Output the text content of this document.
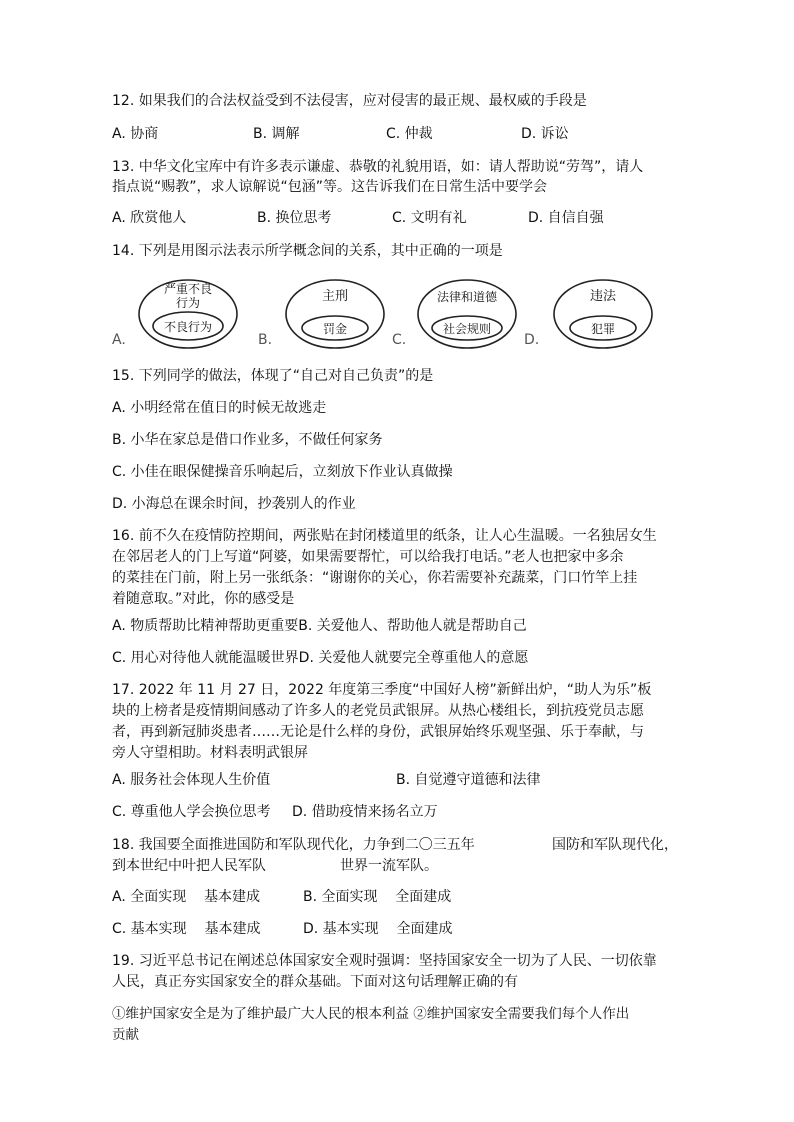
12. 如果我们的合法权益受到不法侵害，应对侵害的最正规、最权威的手段是
A. 协商	B. 调解	C. 仲裁	D. 诉讼
13. 中华文化宝库中有许多表示谦虚、恭敬的礼貌用语，如：请人帮助说“劳驾”，请人
指点说“赐教”，求人谅解说“包涵”等。这告诉我们在日常生活中要学会
A. 欣赏他人	B. 换位思考	C. 文明有礼	D. 自信自强
14. 下列是用图示法表示所学概念间的关系，其中正确的一项是
A.
严重不良
行为
不良行为
B.
主刑
罚金
C.
法律和道德
社会规则
D.
违法
犯罪
15. 下列同学的做法，体现了“自己对自己负责”的是
A. 小明经常在值日的时候无故逃走
B. 小华在家总是借口作业多，不做任何家务
C. 小佳在眼保健操音乐响起后，立刻放下作业认真做操
D. 小海总在课余时间，抄袭别人的作业
16. 前不久在疫情防控期间，两张贴在封闭楼道里的纸条，让人心生温暖。一名独居女生
在邻居老人的门上写道“阿婆，如果需要帮忙，可以给我打电话。”老人也把家中多余
的菜挂在门前，附上另一张纸条：“谢谢你的关心，你若需要补充蔬菜，门口竹竿上挂
着随意取。”对此，你的感受是
A. 物质帮助比精神帮助更重要B. 关爱他人、帮助他人就是帮助自己
C. 用心对待他人就能温暖世界D. 关爱他人就要完全尊重他人的意愿
17. 2022 年 11 月 27 日，2022 年度第三季度“中国好人榜”新鲜出炉，“助人为乐”板
块的上榜者是疫情期间感动了许多人的老党员武银屏。从热心楼组长，到抗疫党员志愿
者，再到新冠肺炎患者……无论是什么样的身份，武银屏始终乐观坚强、乐于奉献，与
旁人守望相助。材料表明武银屏
A. 服务社会体现人生价值	B. 自觉遵守道德和法律
C. 尊重他人学会换位思考 D. 借助疫情来扬名立万
18. 我国要全面推进国防和军队现代化，力争到二〇三五年	国防和军队现代化，
到本世纪中叶把人民军队	世界一流军队。
A. 全面实现    基本建成	B. 全面实现    全面建成
C. 基本实现    基本建成	D. 基本实现    全面建成
19. 习近平总书记在阐述总体国家安全观时强调：坚持国家安全一切为了人民、一切依靠
人民，真正夯实国家安全的群众基础。下面对这句话理解正确的有
①维护国家安全是为了维护最广大人民的根本利益 ②维护国家安全需要我们每个人作出
贡献
